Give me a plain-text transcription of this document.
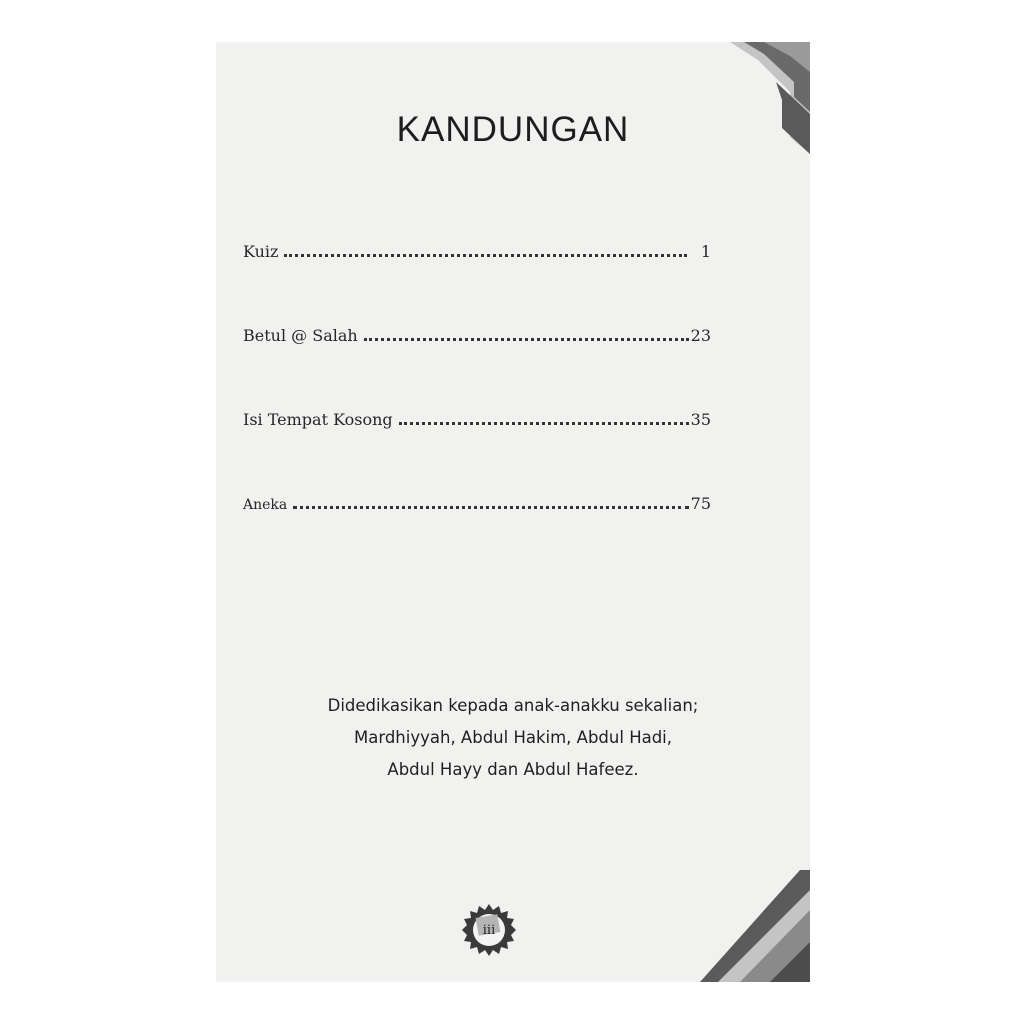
KANDUNGAN
Kuiz	1
Betul @ Salah	23
Isi Tempat Kosong	35
Aneka	75
Didedikasikan kepada anak-anakku sekalian;
Mardhiyyah, Abdul Hakim, Abdul Hadi,
Abdul Hayy dan Abdul Hafeez.
iii
